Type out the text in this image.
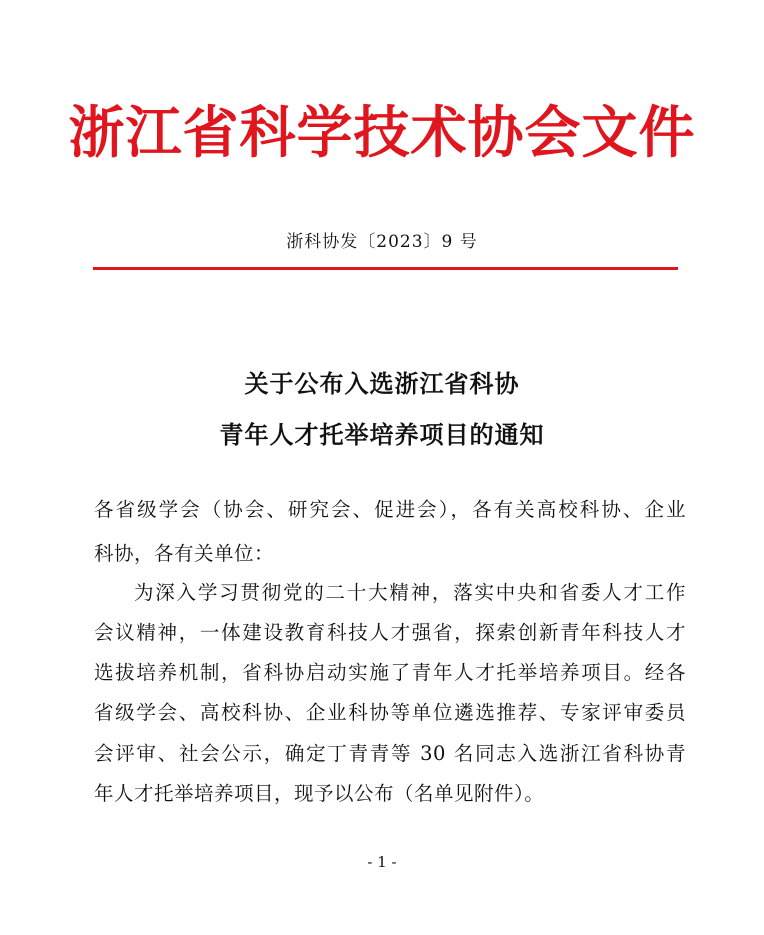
浙江省科学技术协会文件
浙科协发〔2023〕9 号
关于公布入选浙江省科协
青年人才托举培养项目的通知
各省级学会（协会、研究会、促进会），各有关高校科协、企业
科协，各有关单位：
为深入学习贯彻党的二十大精神，落实中央和省委人才工作
会议精神，一体建设教育科技人才强省，探索创新青年科技人才
选拔培养机制，省科协启动实施了青年人才托举培养项目。经各
省级学会、高校科协、企业科协等单位遴选推荐、专家评审委员
会评审、社会公示，确定丁青青等 30 名同志入选浙江省科协青
年人才托举培养项目，现予以公布（名单见附件）。
- 1 -
